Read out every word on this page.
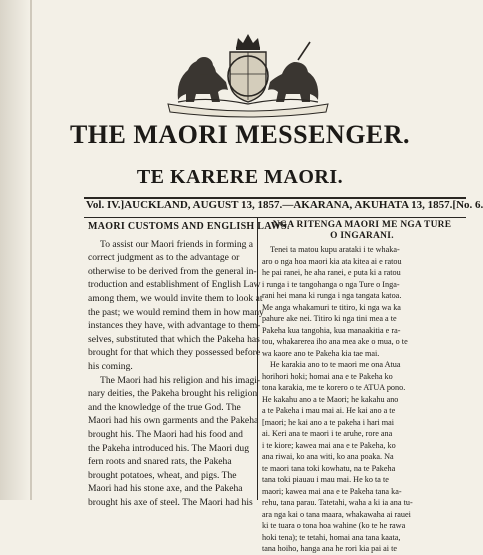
THE MAORI MESSENGER.
TE KARERE MAORI.
Vol. IV.] AUCKLAND, AUGUST 13, 1857. —AKARANA, AKUHATA 13, 1857. [No. 6.
MAORI CUSTOMS AND ENGLISH LAWS.
To assist our Maori friends in forming a
correct judgment as to the advantage or
otherwise to be derived from the general in-
troduction and establishment of English Law
among them, we would invite them to look at
the past; we would remind them in how many
instances they have, with advantage to them-
selves, substituted that which the Pakeha has
brought for that which they possessed before
his coming.
The Maori had his religion and his imagi-
nary deities, the Pakeha brought his religion
and the knowledge of the true God. The
Maori had his own garments and the Pakeha
brought his. The Maori had his food and
the Pakeha introduced his. The Maori dug
fern roots and snared rats, the Pakeha
brought potatoes, wheat, and pigs. The
Maori had his stone axe, and the Pakeha
brought his axe of steel. The Maori had his
NGA RITENGA MAORI ME NGA TURE
O INGARANI.
Tenei ta matou kupu arataki i te whaka-
aro o nga hoa maori kia ata kitea ai e ratou
he pai ranei, he aha ranei, e puta ki a ratou
i runga i te tangohanga o nga Ture o Inga-
rani hei mana ki runga i nga tangata katoa.
Me anga whakamuri te titiro, ki nga wa ka
pahure ake nei. Titiro ki nga tini mea a te
Pakeha kua tangohia, kua manaakitia e ra-
tou, whakarerea iho ana mea ake o mua, o te
wa kaore ano te Pakeha kia tae mai.
He karakia ano to te maori me ona Atua
horihori hoki; homai ana e te Pakeha ko
tona karakia, me te korero o te ATUA pono.
He kakahu ano a te Maori; he kakahu ano
a te Pakeha i mau mai ai. He kai ano a te
[maori; he kai ano a te pakeha i hari mai
ai. Keri ana te maori i te aruhe, rore ana
i te kiore; kawea mai ana e te Pakeha, ko
ana riwai, ko ana witi, ko ana poaka. Na
te maori tana toki kowhatu, na te Pakeha
tana toki piauau i mau mai. He ko ta te
maori; kawea mai ana e te Pakeha tana ka-
rehu, tana parau. Tatetahi, waha a ki ia ana tu-
ara nga kai o tana maara, whakawaha ai rauei
ki te tuara o tona hoa wahine (ko te he rawa
hoki tena); te tetahi, homai ana tana kaata,
tana hoiho, hanga ana he rori kia pai ai te
